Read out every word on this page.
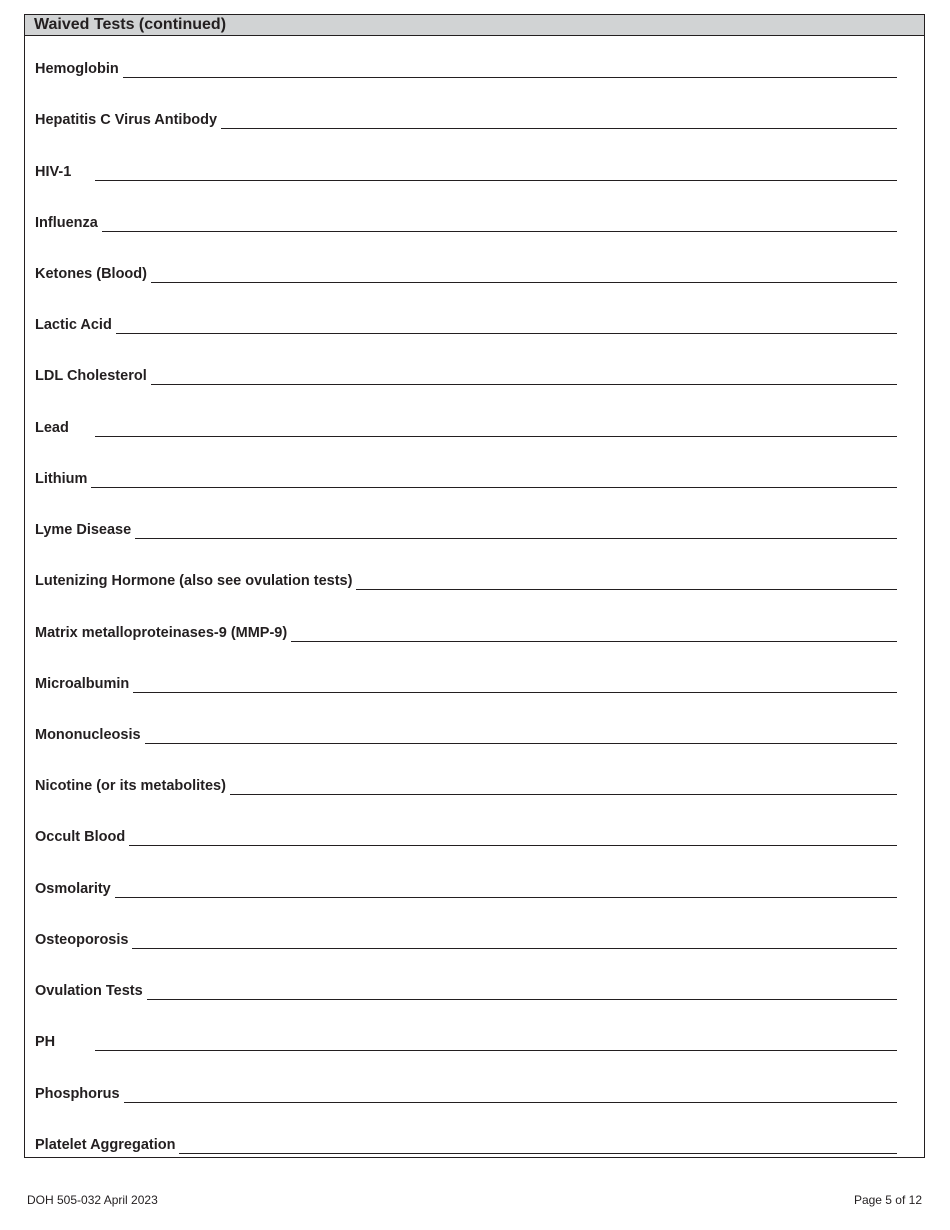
Waived Tests (continued)
Hemoglobin
Hepatitis C Virus Antibody
HIV-1
Influenza
Ketones (Blood)
Lactic Acid
LDL Cholesterol
Lead
Lithium
Lyme Disease
Lutenizing Hormone (also see ovulation tests)
Matrix metalloproteinases-9 (MMP-9)
Microalbumin
Mononucleosis
Nicotine (or its metabolites)
Occult Blood
Osmolarity
Osteoporosis
Ovulation Tests
PH
Phosphorus
Platelet Aggregation
DOH 505-032 April 2023	Page 5 of 12
